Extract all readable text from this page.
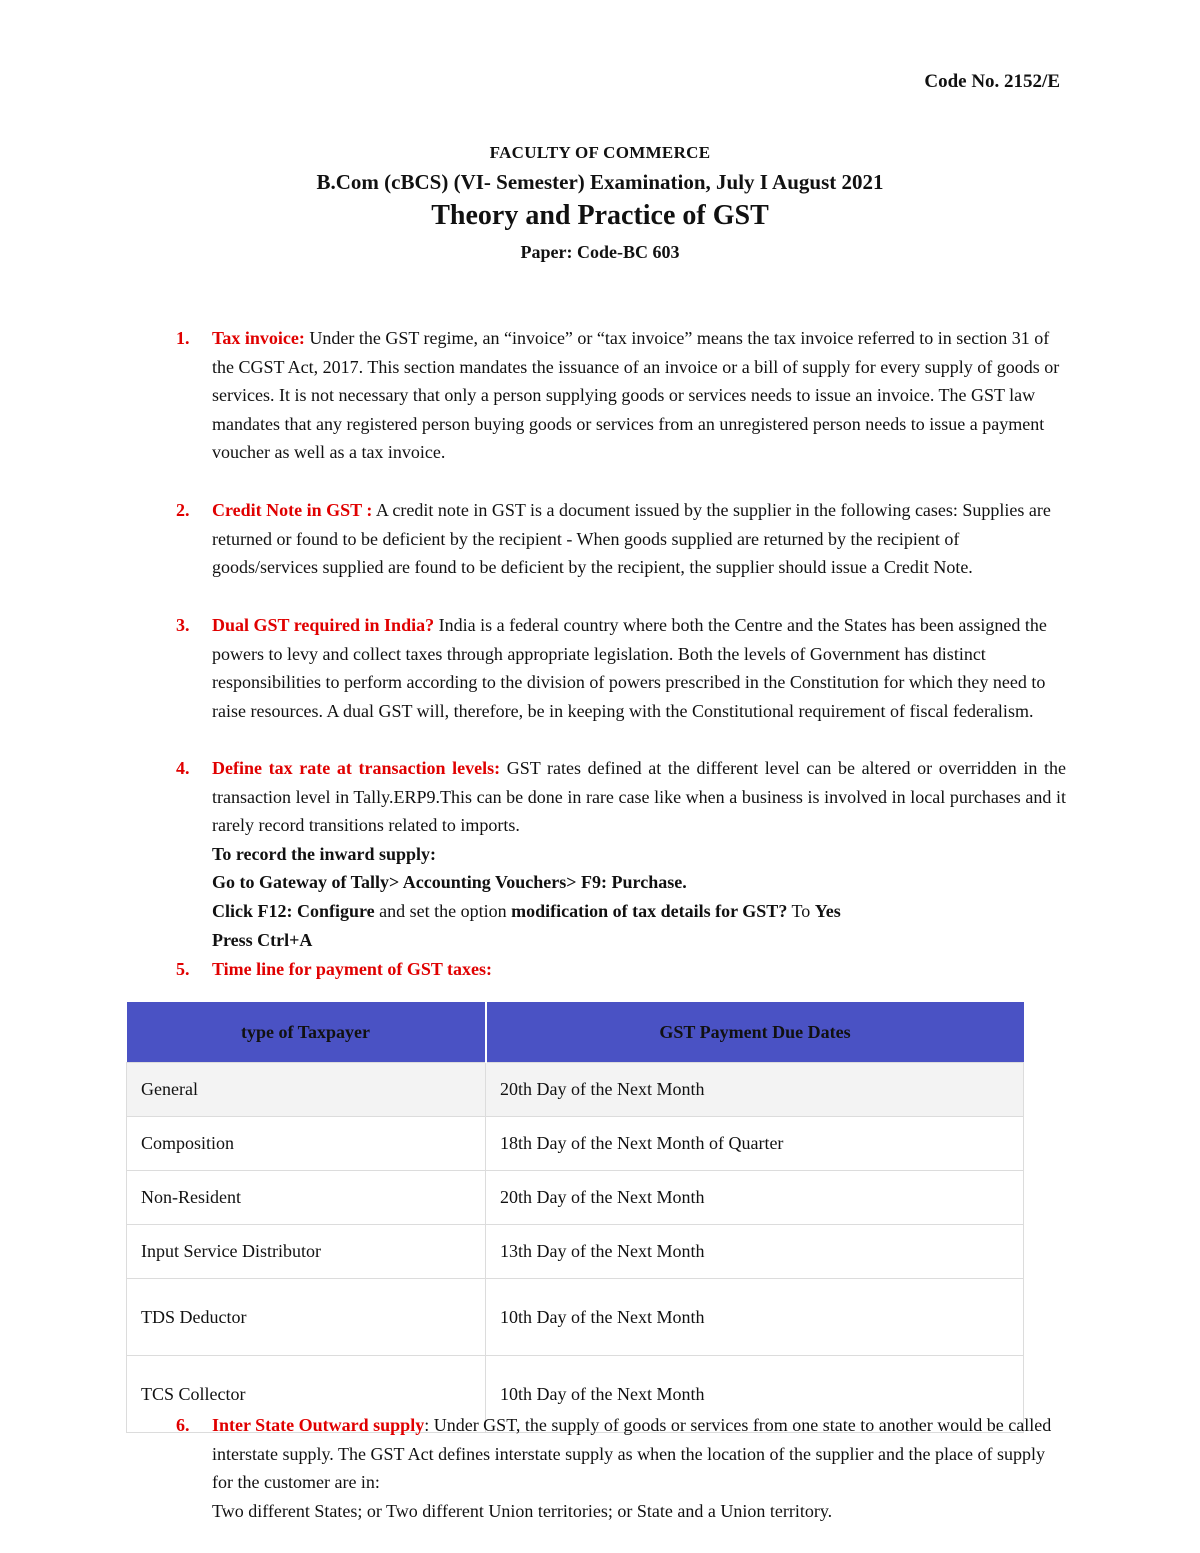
Code No. 2152/E
FACULTY OF COMMERCE
B.Com (cBCS) (VI- Semester) Examination, July I August 2021
Theory and Practice of GST
Paper: Code-BC 603
1. Tax invoice: Under the GST regime, an “invoice” or “tax invoice” means the tax invoice referred to in section 31 of the CGST Act, 2017. This section mandates the issuance of an invoice or a bill of supply for every supply of goods or services. It is not necessary that only a person supplying goods or services needs to issue an invoice. The GST law mandates that any registered person buying goods or services from an unregistered person needs to issue a payment voucher as well as a tax invoice.

2. Credit Note in GST : A credit note in GST is a document issued by the supplier in the following cases: Supplies are returned or found to be deficient by the recipient - When goods supplied are returned by the recipient of goods/services supplied are found to be deficient by the recipient, the supplier should issue a Credit Note.

3. Dual GST required in India? India is a federal country where both the Centre and the States has been assigned the powers to levy and collect taxes through appropriate legislation. Both the levels of Government has distinct responsibilities to perform according to the division of powers prescribed in the Constitution for which they need to raise resources. A dual GST will, therefore, be in keeping with the Constitutional requirement of fiscal federalism.

4. Define tax rate at transaction levels: GST rates defined at the different level can be altered or overridden in the transaction level in Tally.ERP9.This can be done in rare case like when a business is involved in local purchases and it rarely record transitions related to imports.

To record the inward supply:

Go to Gateway of Tally> Accounting Vouchers> F9: Purchase.

Click F12: Configure and set the option modification of tax details for GST? To Yes

Press Ctrl+A

5. Time line for payment of GST taxes:

type of Taxpayer	GST Payment Due Dates
General	20th Day of the Next Month
Composition	18th Day of the Next Month of Quarter
Non-Resident	20th Day of the Next Month
Input Service Distributor	13th Day of the Next Month
TDS Deductor	10th Day of the Next Month
TCS Collector	10th Day of the Next Month
6. Inter State Outward supply: Under GST, the supply of goods or services from one state to another would be called interstate supply. The GST Act defines interstate supply as when the location of the supplier and the place of supply for the customer are in:

Two different States; or Two different Union territories; or State and a Union territory.
